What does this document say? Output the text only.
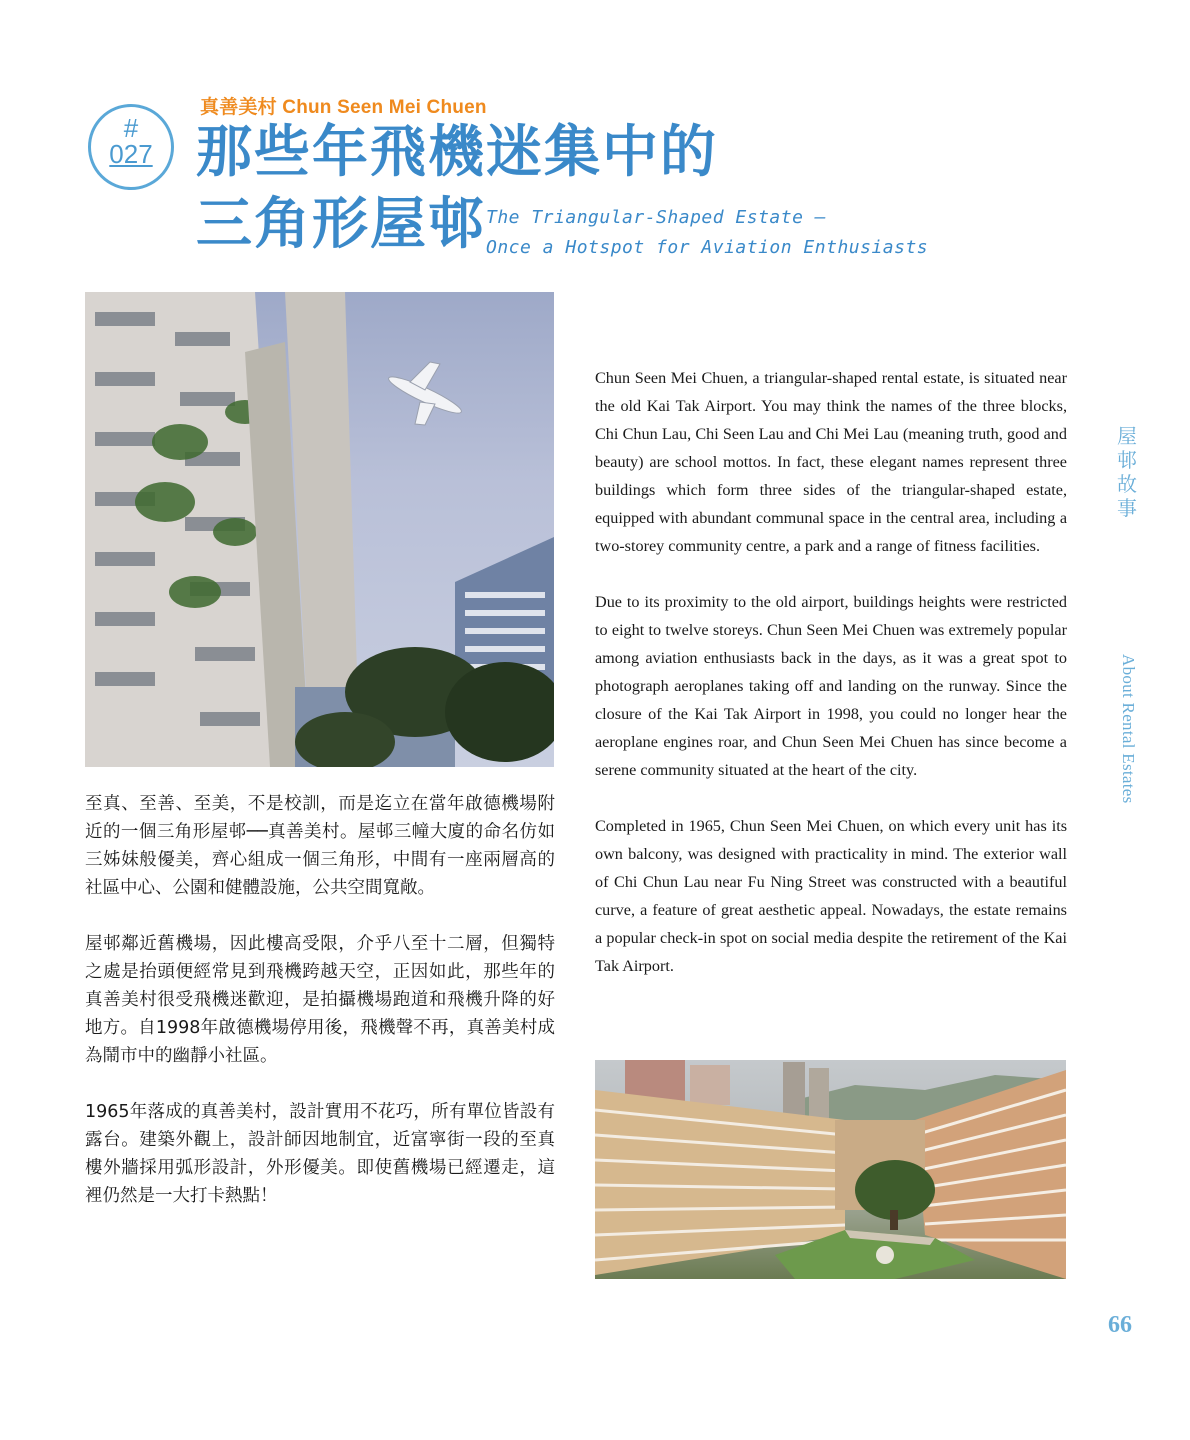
#
027
真善美村 Chun Seen Mei Chuen
那些年飛機迷集中的
三角形屋邨 The Triangular-Shaped Estate —
Once a Hotspot for Aviation Enthusiasts

至真、至善、至美，不是校訓，而是迄立在當年啟德機場附近的一個三角形屋邨──真善美村。屋邨三幢大廈的命名仿如三姊妹般優美，齊心組成一個三角形，中間有一座兩層高的社區中心、公園和健體設施，公共空間寬敞。

屋邨鄰近舊機場，因此樓高受限，介乎八至十二層，但獨特之處是抬頭便經常見到飛機跨越天空，正因如此，那些年的真善美村很受飛機迷歡迎，是拍攝機場跑道和飛機升降的好地方。自1998年啟德機場停用後，飛機聲不再，真善美村成為鬧市中的幽靜小社區。

1965年落成的真善美村，設計實用不花巧，所有單位皆設有露台。建築外觀上，設計師因地制宜，近富寧街一段的至真樓外牆採用弧形設計，外形優美。即使舊機場已經遷走，這裡仍然是一大打卡熱點！

Chun Seen Mei Chuen, a triangular-shaped rental estate, is situated near the old Kai Tak Airport. You may think the names of the three blocks, Chi Chun Lau, Chi Seen Lau and Chi Mei Lau (meaning truth, good and beauty) are school mottos. In fact, these elegant names represent three buildings which form three sides of the triangular-shaped estate, equipped with abundant communal space in the central area, including a two-storey community centre, a park and a range of fitness facilities.

Due to its proximity to the old airport, buildings heights were restricted to eight to twelve storeys. Chun Seen Mei Chuen was extremely popular among aviation enthusiasts back in the days, as it was a great spot to photograph aeroplanes taking off and landing on the runway. Since the closure of the Kai Tak Airport in 1998, you could no longer hear the aeroplane engines roar, and Chun Seen Mei Chuen has since become a serene community situated at the heart of the city.

Completed in 1965, Chun Seen Mei Chuen, on which every unit has its own balcony, was designed with practicality in mind. The exterior wall of Chi Chun Lau near Fu Ning Street was constructed with a beautiful curve, a feature of great aesthetic appeal. Nowadays, the estate remains a popular check-in spot on social media despite the retirement of the Kai Tak Airport.

屋
邨
故
事
About Rental Estates
66
